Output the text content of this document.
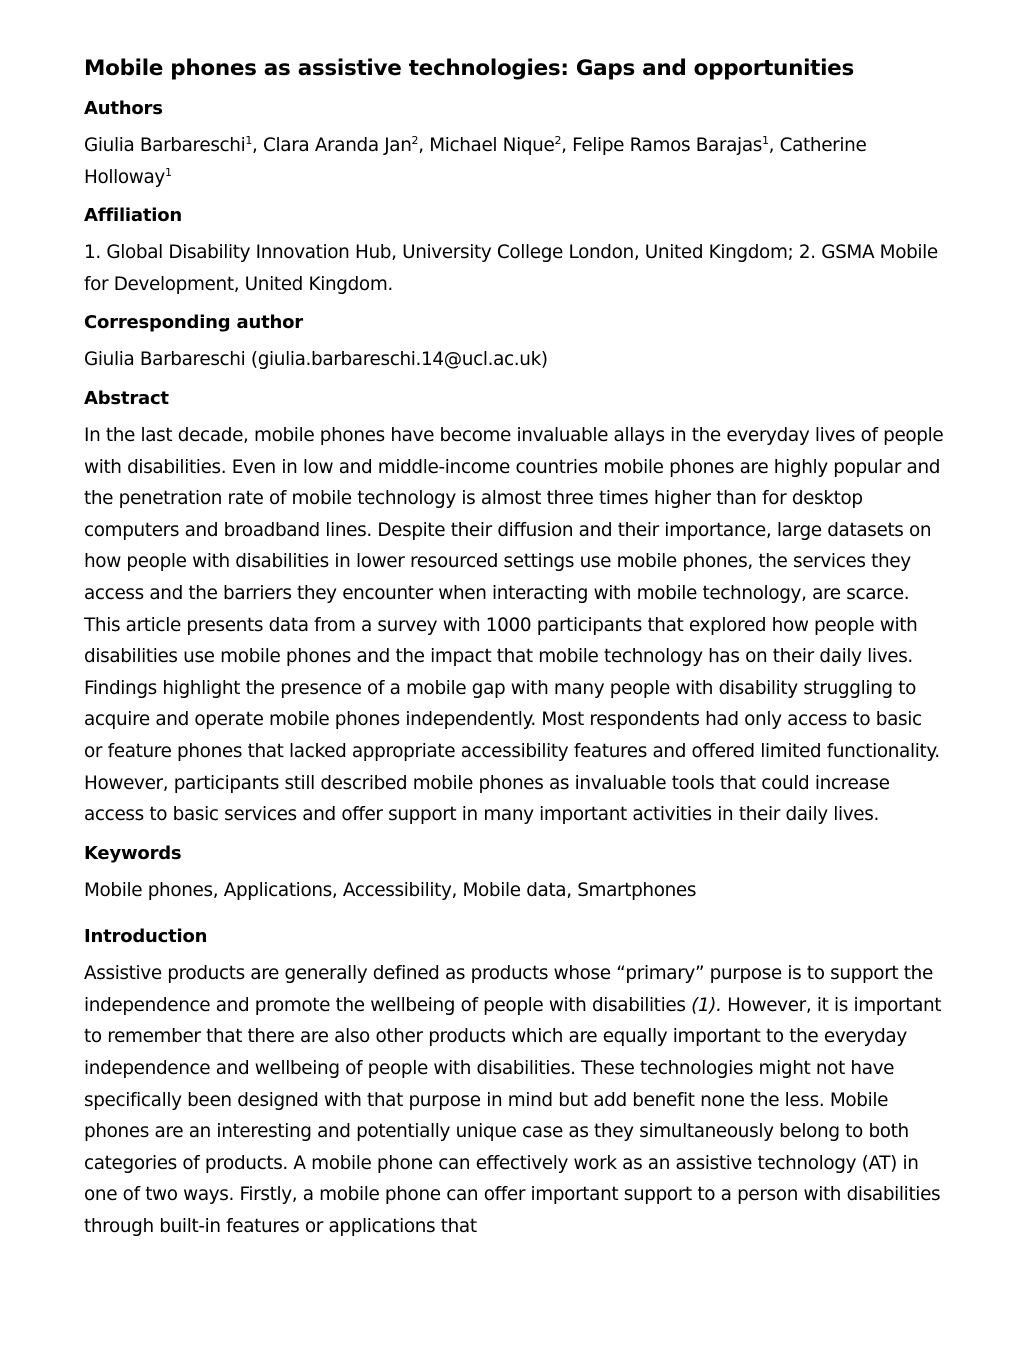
Mobile phones as assistive technologies: Gaps and opportunities
Authors

Giulia Barbareschi$^1$, Clara Aranda Jan$^2$, Michael Nique$^2$, Felipe Ramos Barajas$^1$, Catherine Holloway$^1$

Affiliation

1. Global Disability Innovation Hub, University College London, United Kingdom; 2. GSMA Mobile for Development, United Kingdom.

Corresponding author

Giulia Barbareschi (giulia.barbareschi.14@ucl.ac.uk)

Abstract

In the last decade, mobile phones have become invaluable allays in the everyday lives of people with disabilities. Even in low and middle-income countries mobile phones are highly popular and the penetration rate of mobile technology is almost three times higher than for desktop computers and broadband lines. Despite their diffusion and their importance, large datasets on how people with disabilities in lower resourced settings use mobile phones, the services they access and the barriers they encounter when interacting with mobile technology, are scarce. This article presents data from a survey with 1000 participants that explored how people with disabilities use mobile phones and the impact that mobile technology has on their daily lives. Findings highlight the presence of a mobile gap with many people with disability struggling to acquire and operate mobile phones independently. Most respondents had only access to basic or feature phones that lacked appropriate accessibility features and offered limited functionality. However, participants still described mobile phones as invaluable tools that could increase access to basic services and offer support in many important activities in their daily lives.

Keywords

Mobile phones, Applications, Accessibility, Mobile data, Smartphones

Introduction

Assistive products are generally defined as products whose “primary” purpose is to support the independence and promote the wellbeing of people with disabilities (1). However, it is important to remember that there are also other products which are equally important to the everyday independence and wellbeing of people with disabilities. These technologies might not have specifically been designed with that purpose in mind but add benefit none the less. Mobile phones are an interesting and potentially unique case as they simultaneously belong to both categories of products. A mobile phone can effectively work as an assistive technology (AT) in one of two ways. Firstly, a mobile phone can offer important support to a person with disabilities through built-in features or applications that
